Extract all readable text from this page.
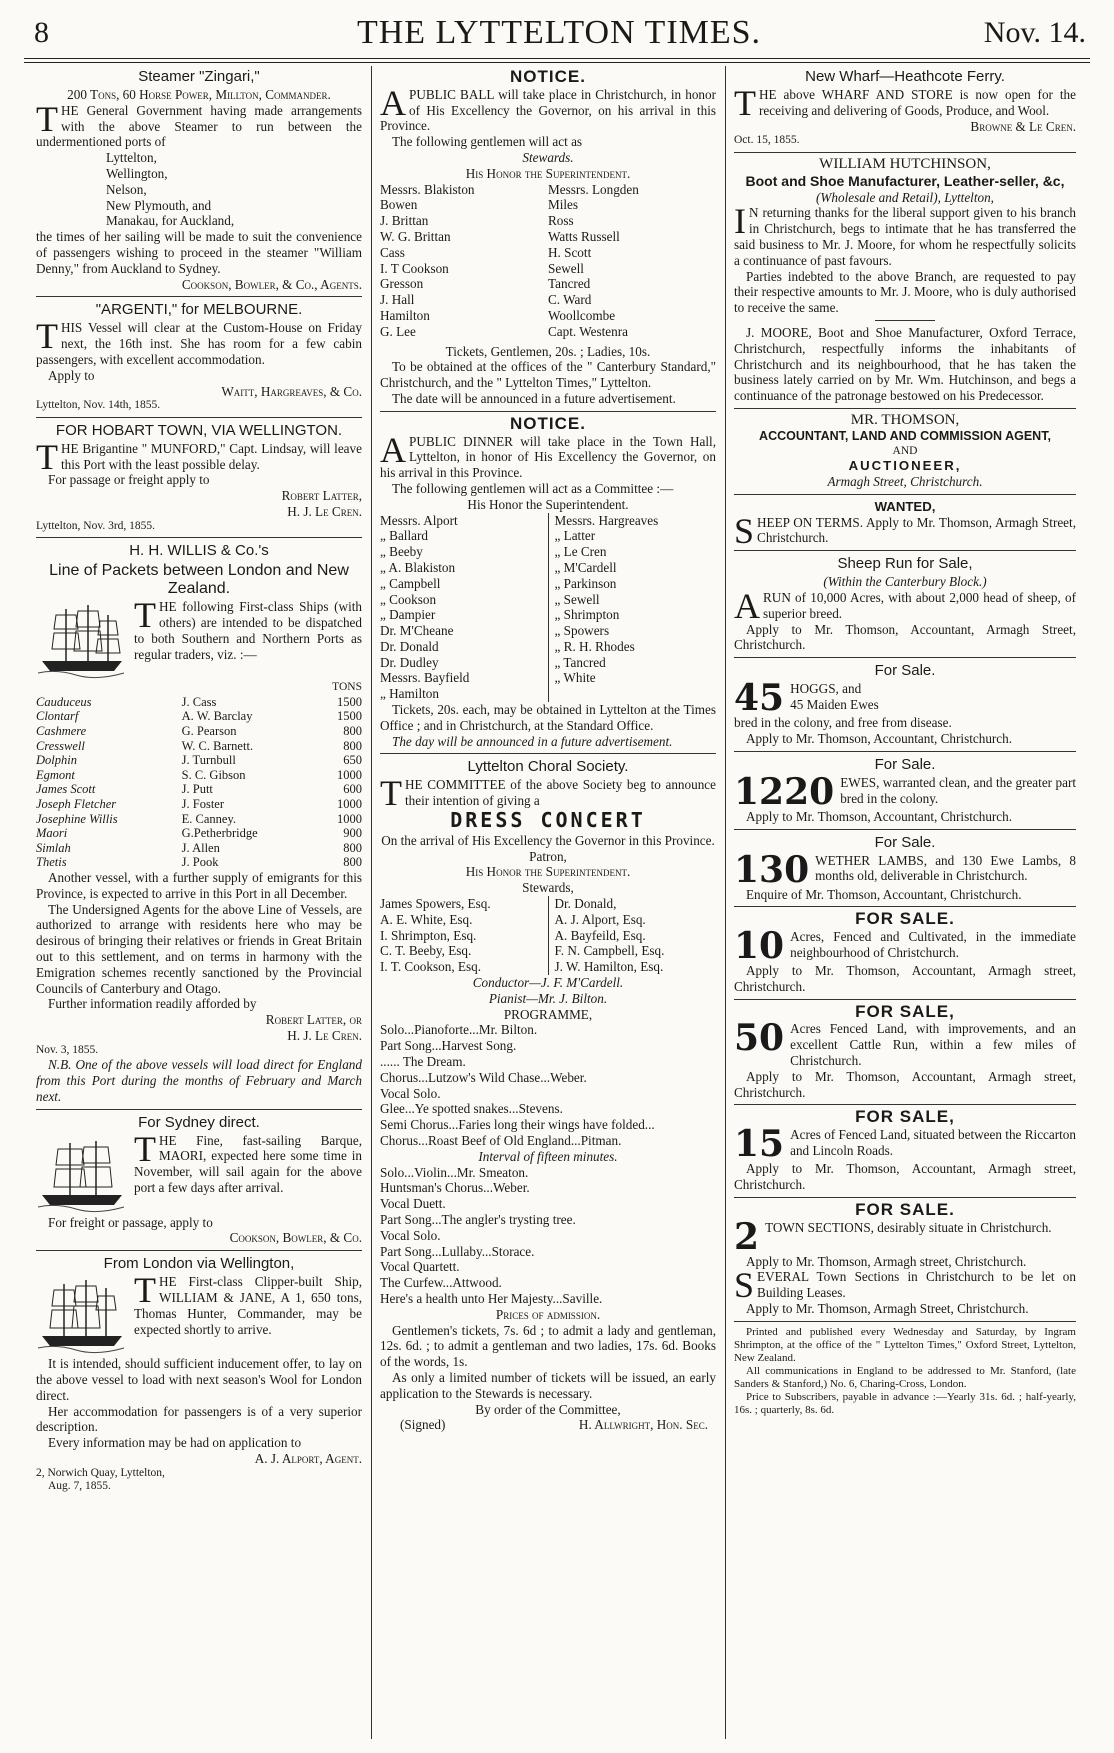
8	THE LYTTELTON TIMES.	Nov. 14.
Steamer "Zingari,"
200 Tons, 60 Horse Power, Millton, Commander.

THE General Government having made arrangements with the above Steamer to run between the undermentioned ports of

Lyttelton,
Wellington,
Nelson,
New Plymouth, and
Manakau, for Auckland,

the times of her sailing will be made to suit the convenience of passengers wishing to proceed in the steamer "William Denny," from Auckland to Sydney.

Cookson, Bowler, & Co., Agents.
"ARGENTI," for MELBOURNE.

THIS Vessel will clear at the Custom-House on Friday next, the 16th inst. She has room for a few cabin passengers, with excellent accommodation.

Apply to
Waitt, Hargreaves, & Co.
Lyttelton, Nov. 14th, 1855.
FOR HOBART TOWN, VIA WELLINGTON.

THE Brigantine " MUNFORD," Capt. Lindsay, will leave this Port with the least possible delay.

For passage or freight apply to
Robert Latter,
H. J. Le Cren.
Lyttelton, Nov. 3rd, 1855.
H. H. WILLIS & Co.'s
Line of Packets between London and New Zealand.

THE following First-class Ships (with others) are intended to be dispatched to both Southern and Northern Ports as regular traders, viz. :—

TONS
Cauduceus	J. Cass	1500
Clontarf	A. W. Barclay	1500
Cashmere	G. Pearson	800
Cresswell	W. C. Barnett.	800
Dolphin	J. Turnbull	650
Egmont	S. C. Gibson	1000
James Scott	J. Putt	600
Joseph Fletcher	J. Foster	1000
Josephine Willis	E. Canney.	1000
Maori	G.Petherbridge	900
Simlah	J. Allen	800
Thetis	J. Pook	800

Another vessel, with a further supply of emigrants for this Province, is expected to arrive in this Port in all December.

The Undersigned Agents for the above Line of Vessels, are authorized to arrange with residents here who may be desirous of bringing their relatives or friends in Great Britain out to this settlement, and on terms in harmony with the Emigration schemes recently sanctioned by the Provincial Councils of Canterbury and Otago.

Further information readily afforded by

Robert Latter, or
H. J. Le Cren.
Nov. 3, 1855.

N.B. One of the above vessels will load direct for England from this Port during the months of February and March next.

For Sydney direct.

THE Fine, fast-sailing Barque, MAORI, expected here some time in November, will sail again for the above port a few days after arrival.

For freight or passage, apply to
Cookson, Bowler, & Co.
From London via Wellington,

THE First-class Clipper-built Ship, WILLIAM & JANE, A 1, 650 tons, Thomas Hunter, Commander, may be expected shortly to arrive.

It is intended, should sufficient inducement offer, to lay on the above vessel to load with next season's Wool for London direct.

Her accommodation for passengers is of a very superior description.

Every information may be had on application to

A. J. Alport, Agent.
2, Norwich Quay, Lyttelton,
Aug. 7, 1855.
NOTICE.

APUBLIC BALL will take place in Christchurch, in honor of His Excellency the Governor, on his arrival in this Province.

The following gentlemen will act as
Stewards.
His Honor the Superintendent.
Messrs. Blakiston	Messrs. Longden
Bowen	Miles
J. Brittan	Ross
W. G. Brittan	Watts Russell
Cass	H. Scott
I. T Cookson	Sewell
Gresson	Tancred
J. Hall	C. Ward
Hamilton	Woollcombe
G. Lee	Capt. Westenra
Tickets, Gentlemen, 20s. ; Ladies, 10s.

To be obtained at the offices of the " Canterbury Standard," Christchurch, and the " Lyttelton Times," Lyttelton.

The date will be announced in a future advertisement.

NOTICE.

APUBLIC DINNER will take place in the Town Hall, Lyttelton, in honor of His Excellency the Governor, on his arrival in this Province.

The following gentlemen will act as a Committee :—

His Honor the Superintendent.
Messrs. Alport	Messrs. Hargreaves
„ Ballard	„ Latter
„ Beeby	„ Le Cren
„ A. Blakiston	„ M'Cardell
„ Campbell	„ Parkinson
„ Cookson	„ Sewell
„ Dampier	„ Shrimpton
Dr. M'Cheane	„ Spowers
Dr. Donald	„ R. H. Rhodes
Dr. Dudley	„ Tancred
Messrs. Bayfield	„ White
„ Hamilton	

Tickets, 20s. each, may be obtained in Lyttelton at the Times Office ; and in Christchurch, at the Standard Office.

The day will be announced in a future advertisement.

Lyttelton Choral Society.

THE COMMITTEE of the above Society beg to announce their intention of giving a

DRESS CONCERT
On the arrival of His Excellency the Governor in this Province.
Patron,
His Honor the Superintendent.
Stewards,
James Spowers, Esq.	Dr. Donald,
A. E. White, Esq.	A. J. Alport, Esq.
I. Shrimpton, Esq.	A. Bayfeild, Esq.
C. T. Beeby, Esq.	F. N. Campbell, Esq.
I. T. Cookson, Esq.	J. W. Hamilton, Esq.
Conductor—J. F. M'Cardell.
Pianist—Mr. J. Bilton.
PROGRAMME,
Solo...Pianoforte...Mr. Bilton.
Part Song...Harvest Song.
...... The Dream.
Chorus...Lutzow's Wild Chase...Weber.
Vocal Solo.
Glee...Ye spotted snakes...Stevens.
Semi Chorus...Faries long their wings have folded...
Chorus...Roast Beef of Old England...Pitman.
Interval of fifteen minutes.
Solo...Violin...Mr. Smeaton.
Huntsman's Chorus...Weber.
Vocal Duett.
Part Song...The angler's trysting tree.
Vocal Solo.
Part Song...Lullaby...Storace.
Vocal Quartett.
The Curfew...Attwood.
Here's a health unto Her Majesty...Saville.
Prices of admission.

Gentlemen's tickets, 7s. 6d ; to admit a lady and gentleman, 12s. 6d. ; to admit a gentleman and two ladies, 17s. 6d. Books of the words, 1s.

As only a limited number of tickets will be issued, an early application to the Stewards is necessary.

By order of the Committee,
(Signed)	H. Allwright, Hon. Sec.
New Wharf—Heathcote Ferry.

THE above WHARF AND STORE is now open for the receiving and delivering of Goods, Produce, and Wool.

Browne & Le Cren.
Oct. 15, 1855.
WILLIAM HUTCHINSON,
Boot and Shoe Manufacturer, Leather-seller, &c,
(Wholesale and Retail), Lyttelton,

I N returning thanks for the liberal support given to his branch in Christchurch, begs to intimate that he has transferred the said business to Mr. J. Moore, for whom he respectfully solicits a continuance of past favours.

Parties indebted to the above Branch, are requested to pay their respective amounts to Mr. J. Moore, who is duly authorised to receive the same.

J. MOORE, Boot and Shoe Manufacturer, Oxford Terrace, Christchurch, respectfully informs the inhabitants of Christchurch and its neighbourhood, that he has taken the business lately carried on by Mr. Wm. Hutchinson, and begs a continuance of the patronage bestowed on his Predecessor.

MR. THOMSON,
ACCOUNTANT, LAND AND COMMISSION AGENT,
AND
AUCTIONEER,
Armagh Street, Christchurch.
WANTED,

SHEEP ON TERMS. Apply to Mr. Thomson, Armagh Street, Christchurch.

Sheep Run for Sale,
(Within the Canterbury Block.)

ARUN of 10,000 Acres, with about 2,000 head of sheep, of superior breed.

Apply to Mr. Thomson, Accountant, Armagh Street, Christchurch.

For Sale.

45 HOGGS, and
45 Maiden Ewes

bred in the colony, and free from disease.

Apply to Mr. Thomson, Accountant, Christchurch.

For Sale.

1220 EWES, warranted clean, and the greater part bred in the colony.

Apply to Mr. Thomson, Accountant, Christchurch.

For Sale.

130 WETHER LAMBS, and 130 Ewe Lambs, 8 months old, deliverable in Christchurch.

Enquire of Mr. Thomson, Accountant, Christchurch.

FOR SALE.

10 Acres, Fenced and Cultivated, in the immediate neighbourhood of Christchurch.

Apply to Mr. Thomson, Accountant, Armagh street, Christchurch.

FOR SALE,

50 Acres Fenced Land, with improvements, and an excellent Cattle Run, within a few miles of Christchurch.

Apply to Mr. Thomson, Accountant, Armagh street, Christchurch.

FOR SALE,

15 Acres of Fenced Land, situated between the Riccarton and Lincoln Roads.

Apply to Mr. Thomson, Accountant, Armagh street, Christchurch.

FOR SALE.

2 TOWN SECTIONS, desirably situate in Christchurch.

Apply to Mr. Thomson, Armagh street, Christchurch.

SEVERAL Town Sections in Christchurch to be let on Building Leases.

Apply to Mr. Thomson, Armagh Street, Christchurch.

Printed and published every Wednesday and Saturday, by Ingram Shrimpton, at the office of the " Lyttelton Times," Oxford Street, Lyttelton, New Zealand.

All communications in England to be addressed to Mr. Stanford, (late Sanders & Stanford,) No. 6, Charing-Cross, London.

Price to Subscribers, payable in advance :—Yearly 31s. 6d. ; half-yearly, 16s. ; quarterly, 8s. 6d.
